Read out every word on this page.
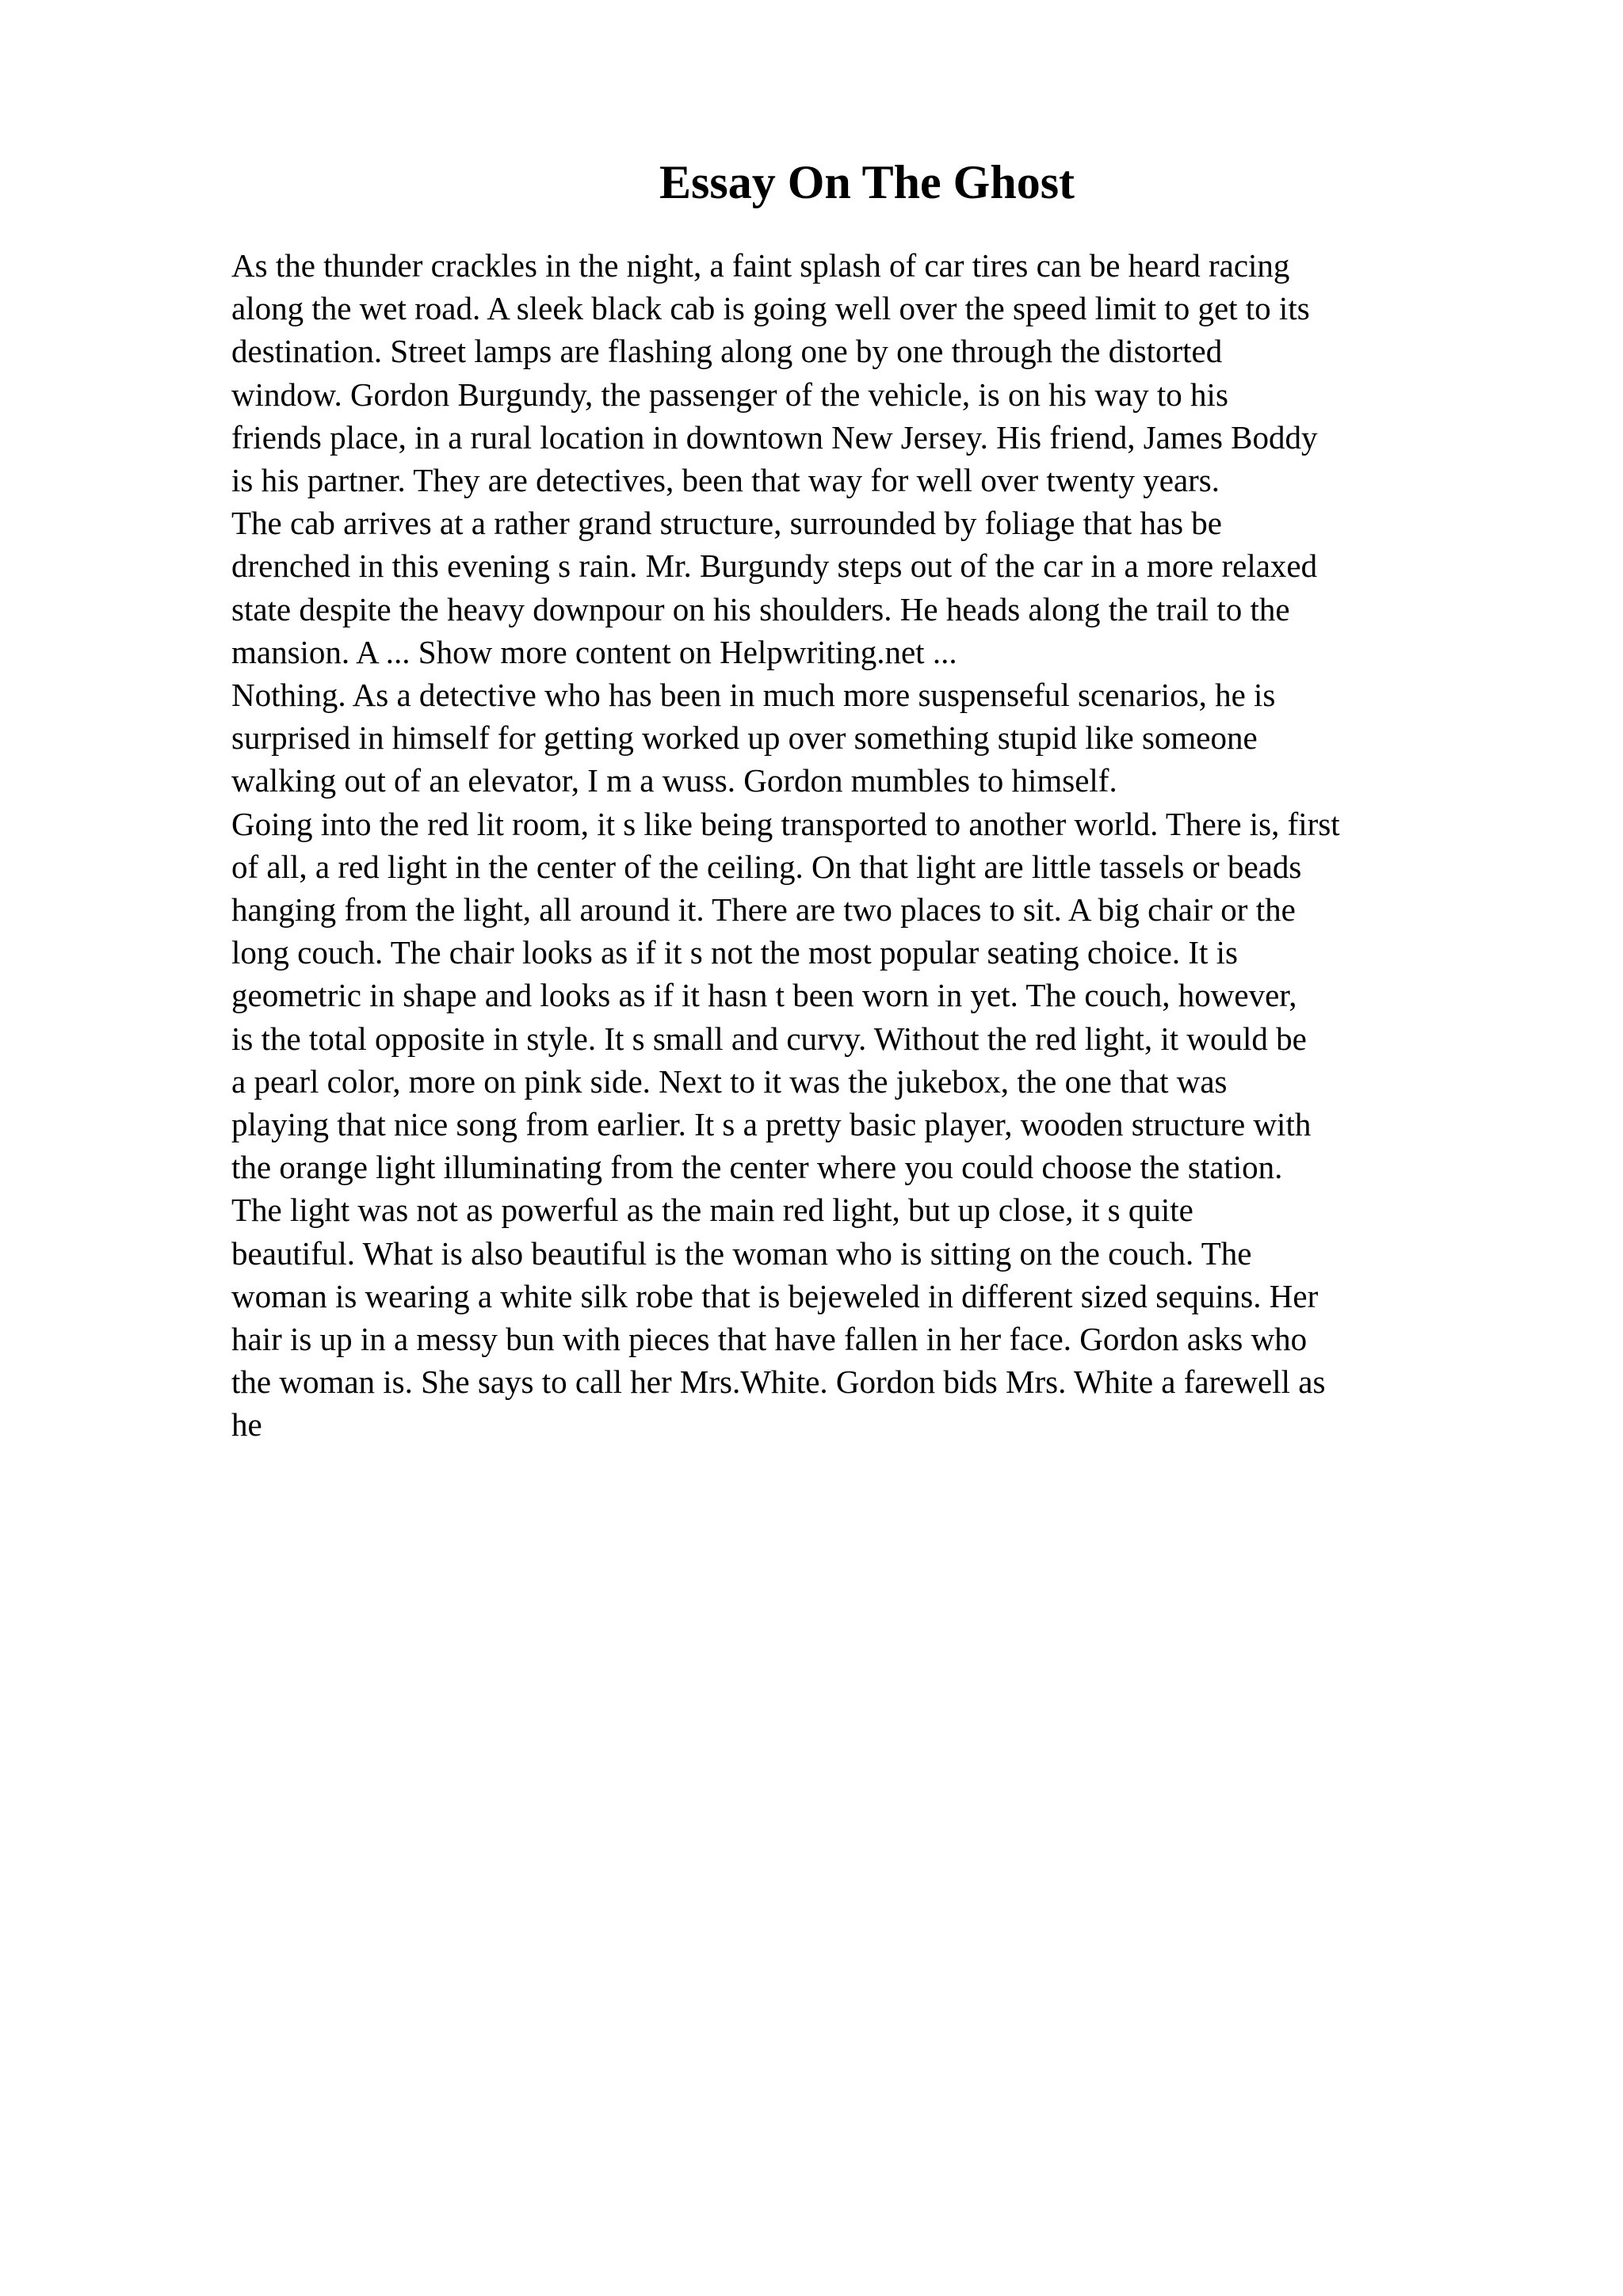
Essay On The Ghost
As the thunder crackles in the night, a faint splash of car tires can be heard racing
along the wet road. A sleek black cab is going well over the speed limit to get to its
destination. Street lamps are flashing along one by one through the distorted
window. Gordon Burgundy, the passenger of the vehicle, is on his way to his
friends place, in a rural location in downtown New Jersey. His friend, James Boddy
is his partner. They are detectives, been that way for well over twenty years.
The cab arrives at a rather grand structure, surrounded by foliage that has be
drenched in this evening s rain. Mr. Burgundy steps out of the car in a more relaxed
state despite the heavy downpour on his shoulders. He heads along the trail to the
mansion. A ... Show more content on Helpwriting.net ...
Nothing. As a detective who has been in much more suspenseful scenarios, he is
surprised in himself for getting worked up over something stupid like someone
walking out of an elevator, I m a wuss. Gordon mumbles to himself.
Going into the red lit room, it s like being transported to another world. There is, first
of all, a red light in the center of the ceiling. On that light are little tassels or beads
hanging from the light, all around it. There are two places to sit. A big chair or the
long couch. The chair looks as if it s not the most popular seating choice. It is
geometric in shape and looks as if it hasn t been worn in yet. The couch, however,
is the total opposite in style. It s small and curvy. Without the red light, it would be
a pearl color, more on pink side. Next to it was the jukebox, the one that was
playing that nice song from earlier. It s a pretty basic player, wooden structure with
the orange light illuminating from the center where you could choose the station.
The light was not as powerful as the main red light, but up close, it s quite
beautiful. What is also beautiful is the woman who is sitting on the couch. The
woman is wearing a white silk robe that is bejeweled in different sized sequins. Her
hair is up in a messy bun with pieces that have fallen in her face. Gordon asks who
the woman is. She says to call her Mrs.White. Gordon bids Mrs. White a farewell as
he
